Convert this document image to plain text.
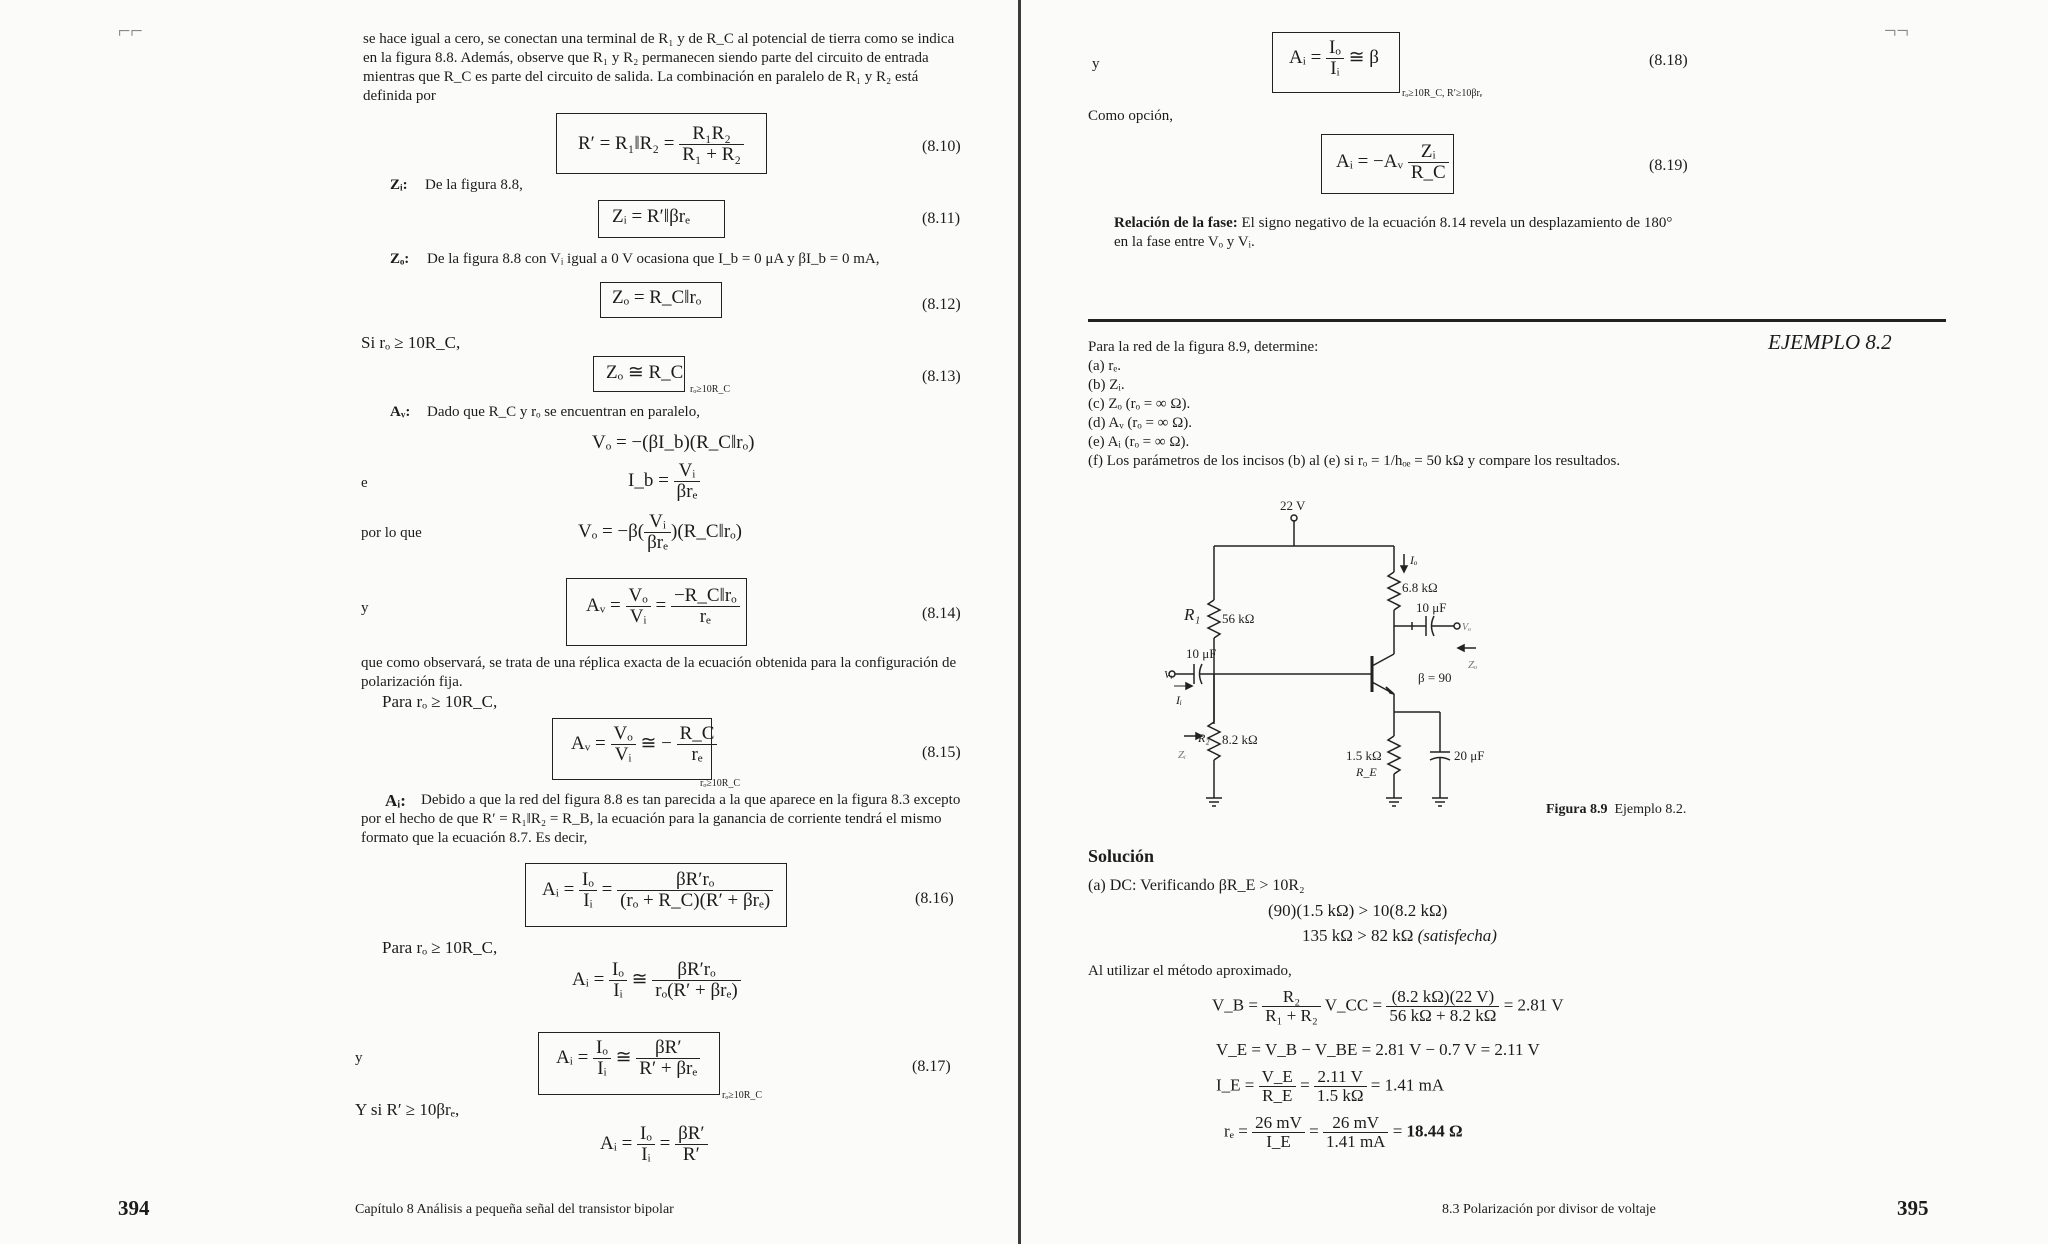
⌐⌐	se hace igual a cero, se conectan una terminal de R₁ y de R_C al potencial de tierra como se indica en la figura 8.8. Además, observe que R₁ y R₂ permanecen siendo parte del circuito de entrada mientras que R_C es parte del circuito de salida. La combinación en paralelo de R₁ y R₂ está definida por
R′ = R₁‖R₂ = $\frac{\text{R₁R₂}}{\text{R₁ + R₂}}$	(8.10)
Zᵢ: De la figura 8.8,
Zᵢ = R′‖βrₑ	(8.11)
Zₒ: De la figura 8.8 con Vᵢ igual a 0 V ocasiona que I_b = 0 μA y βI_b = 0 mA,
Zₒ = R_C‖rₒ	(8.12)
Si rₒ ≥ 10R_C,
Zₒ ≅ R_C
rₒ≥10R_C
(8.13)
Aᵥ: Dado que R_C y rₒ se encuentran en paralelo,
Vₒ = −(βI_b)(R_C‖rₒ)
e	I_b = $\frac{\text{Vᵢ}}{\text{βrₑ}}$
por lo que	$V_o = -\beta( \frac{\text{Vᵢ}}{\text{βrₑ}}$ )(R_C‖rₒ)
y	Aᵥ = $\frac{\text{Vₒ}}{\text{Vᵢ}} = \frac{\text{−R\_C‖rₒ}}{\text{rₑ}}$	(8.14)
que como observará, se trata de una réplica exacta de la ecuación obtenida para la configuración de polarización fija.
Para rₒ ≥ 10R_C,
Aᵥ = $\frac{\text{Vₒ}}{\text{Vᵢ}}$ ≅ − $\frac{R\_C}{\text{rₑ}}$
rₒ≥10R_C
(8.15)
Aᵢ:	Debido a que la red del figura 8.8 es tan parecida a la que aparece en la figura 8.3 excepto por el hecho de que R′ = R₁‖R₂ = R_B, la ecuación para la ganancia de corriente tendrá el mismo formato que la ecuación 8.7. Es decir,
Aᵢ = $\frac{\text{Iₒ}}{\text{Iᵢ}} = \frac{\text{βR′rₒ}}{\text{(rₒ + R\_C)(R′ + βrₑ)}}$	(8.16)
Para rₒ ≥ 10R_C,
Aᵢ = $\frac{\text{Iₒ}}{\text{Iᵢ}}$ ≅ $\frac{\text{βR′rₒ}}{\text{rₒ(R′ + βrₑ)}}$
y	Aᵢ = $\frac{\text{Iₒ}}{\text{Iᵢ}}$ ≅ $\frac{\beta R'}{\text{R′ + βrₑ}}$
rₒ≥10R_C
(8.17)
Y si R′ ≥ 10βrₑ,
Aᵢ = $\frac{\text{Iₒ}}{\text{Iᵢ}} = \frac{\beta R'}{R'}$
394	Capítulo 8 Análisis a pequeña señal del transistor bipolar
¬¬
y	Aᵢ = $\frac{\text{Iₒ}}{\text{Iᵢ}}$ ≅ β
rₒ≥10R_C, R′≥10βrₑ
(8.18)
Como opción,
Aᵢ = −Aᵥ $\frac{\text{Zᵢ}}{R\_C}$	(8.19)
Relación de la fase: El signo negativo de la ecuación 8.14 revela un desplazamiento de 180° en la fase entre Vₒ y Vᵢ.
EJEMPLO 8.2
Para la red de la figura 8.9, determine:
(a) rₑ.
(b) Zᵢ.
(c) Zₒ (rₒ = ∞ Ω).
(d) Aᵥ (rₒ = ∞ Ω).
(e) Aᵢ (rₒ = ∞ Ω).
(f) Los parámetros de los incisos (b) al (e) si rₒ = 1/hₒₑ = 50 kΩ y compare los resultados.
22 V
R₁ 56 kΩ
6.8 kΩ
Iₒ
10 μF
Vₒ
Zₒ
10 μF
Vᵢ
Iᵢ
β = 90
R₂ 8.2 kΩ
Zᵢ	1.5 kΩ
R_E
20 μF
Figura 8.9 Ejemplo 8.2.
Solución
(a) DC: Verificando βR_E > 10R₂
(90)(1.5 kΩ) > 10(8.2 kΩ)
135 kΩ > 82 kΩ (satisfecha)
Al utilizar el método aproximado,
V_B = $\frac{\text{R₂}}{\text{R₁ + R₂}}$ V_CC = $\frac{(8.2 k\Omega)(22 V)}{56 k\Omega + 8.2 k\Omega} = 2.81$ V
V_E = V_B − V_BE = 2.81 V − 0.7 V = 2.11 V
I_E = $\frac{V\_E}{R\_E} = \frac{2.11 V}{1.5 k\Omega} = 1.41$ mA
$r_e = \frac{26 mV}{I\_E} = \frac{26 mV}{1.41 mA} = 18.44$ Ω
8.3 Polarización por divisor de voltaje	395
